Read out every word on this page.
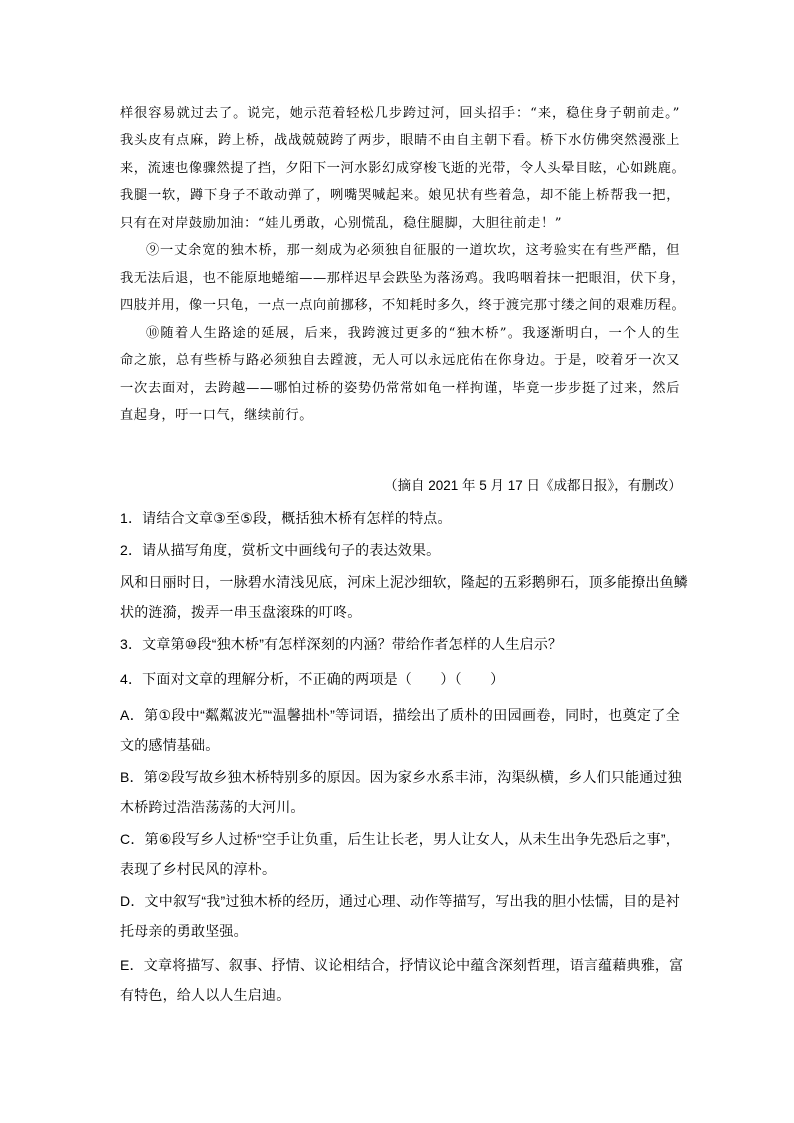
样很容易就过去了。说完，她示范着轻松几步跨过河，回头招手：“来，稳住身子朝前走。”
我头皮有点麻，跨上桥，战战兢兢跨了两步，眼睛不由自主朝下看。桥下水仿佛突然漫涨上
来，流速也像骤然提了挡，夕阳下一河水影幻成穿梭飞逝的光带，令人头晕目眩，心如跳鹿。
我腿一软，蹲下身子不敢动弹了，咧嘴哭喊起来。娘见状有些着急，却不能上桥帮我一把，
只有在对岸鼓励加油：“娃儿勇敢，心别慌乱，稳住腿脚，大胆往前走！”
⑨一丈余宽的独木桥，那一刻成为必须独自征服的一道坎坎，这考验实在有些严酷，但
我无法后退，也不能原地蜷缩——那样迟早会跌坠为落汤鸡。我呜咽着抹一把眼泪，伏下身，
四肢并用，像一只龟，一点一点向前挪移，不知耗时多久，终于渡完那寸缕之间的艰难历程。
⑩随着人生路途的延展，后来，我跨渡过更多的“独木桥”。我逐渐明白，一个人的生
命之旅，总有些桥与路必须独自去蹚渡，无人可以永远庇佑在你身边。于是，咬着牙一次又
一次去面对，去跨越——哪怕过桥的姿势仍常常如龟一样拘谨，毕竟一步步挺了过来，然后
直起身，吁一口气，继续前行。
（摘自 2021 年 5 月 17 日《成都日报》，有删改）
1．请结合文章③至⑤段，概括独木桥有怎样的特点。
2．请从描写角度，赏析文中画线句子的表达效果。
风和日丽时日，一脉碧水清浅见底，河床上泥沙细软，隆起的五彩鹅卵石，顶多能撩出鱼鳞
状的涟漪，拨弄一串玉盘滚珠的叮咚。
3．文章第⑩段“独木桥”有怎样深刻的内涵？带给作者怎样的人生启示？
4．下面对文章的理解分析，不正确的两项是（　　）（　　）
A．第①段中“粼粼波光”“温馨拙朴”等词语，描绘出了质朴的田园画卷，同时，也奠定了全
文的感情基础。
B．第②段写故乡独木桥特别多的原因。因为家乡水系丰沛，沟渠纵横，乡人们只能通过独
木桥跨过浩浩荡荡的大河川。
C．第⑥段写乡人过桥“空手让负重，后生让长老，男人让女人，从未生出争先恐后之事”，
表现了乡村民风的淳朴。
D．文中叙写“我”过独木桥的经历，通过心理、动作等描写，写出我的胆小怯懦，目的是衬
托母亲的勇敢坚强。
E．文章将描写、叙事、抒情、议论相结合，抒情议论中蕴含深刻哲理，语言蕴藉典雅，富
有特色，给人以人生启迪。
